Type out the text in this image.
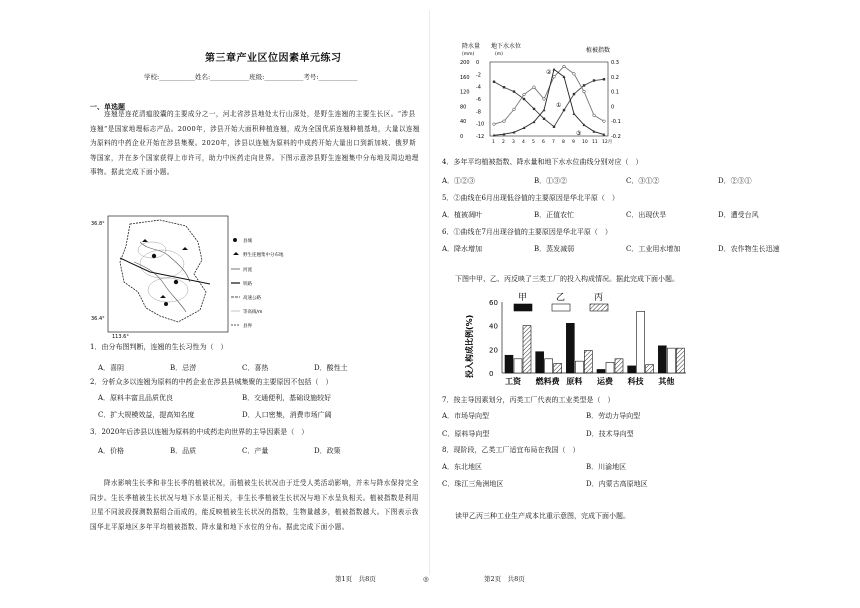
第三章产业区位因素单元练习
学校:___________姓名:____________班级:____________考号:____________
一、单选题
连翘是连花清瘟胶囊的主要成分之一，河北省涉县地处太行山深处，是野生连翘的主要生长区。“涉县连翘”是国家地理标志产品。2000年，涉县开始大面积种植连翘，成为全国优质连翘种植基地，大量以连翘为原料的中药企业开始在涉县集聚。2020年，涉县以连翘为原料的中成药开始大量出口到新加坡、俄罗斯等国家，并在多个国家获得上市许可，助力中医药走向世界。下图示意涉县野生连翘集中分布地及周边地理事物。据此完成下面小题。
36.8°
36.4°
113.6°
县城
野生连翘集中分布地
河流
铁路
高速公路
等高线/m
县界
1．由分布图判断，连翘的生长习性为（　）
A．喜阴	B．忌涝	C．喜热	D．酸性土
2．分析众多以连翘为原料的中药企业在涉县县城集聚的主要原因不包括（　）
A．原料丰富且品质优良	B．交通便利，基础设施较好
C．扩大规模效益，提高知名度	D．人口密集，消费市场广阔
3．2020年后涉县以连翘为原料的中成药走向世界的主导因素是（　）
A．价格	B．品质	C．产量	D．政策
降水影响生长季和非生长季的植被状况，而植被生长状况由于迁受人类活动影响，并未与降水保持完全同步。生长季植被生长状况与地下水显正相关，非生长季植被生长状况与地下水呈负相关。植被指数是利用卫星不同波段探测数据组合而成的，能反映植被生长状况的指数，生物量越多，植被指数越大。下图表示我国华北平原地区多年平均植被指数、降水量和地下水位的分布。据此完成下面小题。
第1页　共8页	◎	第2页　共8页
降水量
(mm)
地下水水位
(m)
植被指数
0
40
80
120
160
200
-12
-10
-8
-6
-4
-2
0
-0.2
-0.1
0
0.1
0.2
0.3
1 2 3 4 5 6 7 8 9 10 11 12月
①
②
③
4．多年平均植被指数、降水量和地下水水位曲线分别对应（　）
A．①②③	B．①③②	C．③①②	D．②③①
5．②曲线在6月出现低谷值的主要原因是华北平原（　）
A．植被凋叶	B．正值农忙	C．出现伏旱	D．遭受台风
6．①曲线在7月出现谷值的主要原因是华北平原（　）
A．降水增加	B．蒸发减弱	C．工业用水增加	D．农作物生长迅速
下图中甲、乙、丙反映了三类工厂的投入构成情况。据此完成下面小题。
0
20
40
60
投入构成比例(%)
工资 燃料费 原料 运费 科技 其他
甲	乙	丙
7．按主导因素划分，丙类工厂代表的工业类型是（　）
A．市场导向型	B．劳动力导向型
C．原料导向型	D．技术导向型
8．现阶段，乙类工厂适宜布局在我国（　）
A．东北地区	B．川渝地区
C．珠江三角洲地区	D．内蒙古高原地区
读甲乙丙三种工业生产成本比重示意图，完成下面小题。
